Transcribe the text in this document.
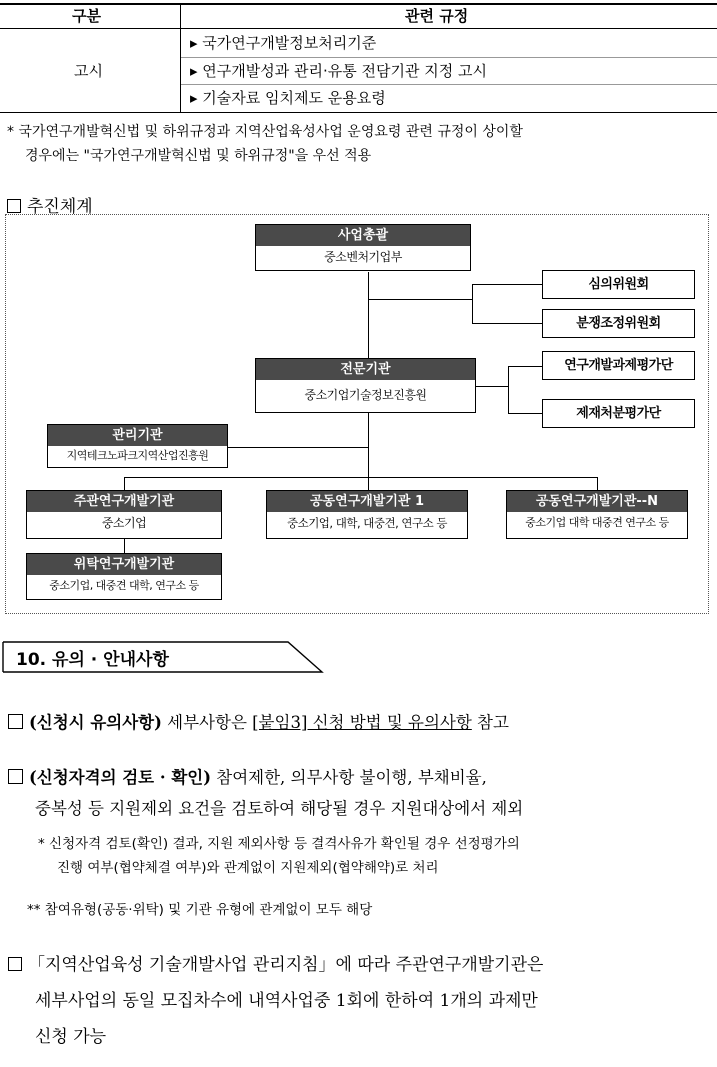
구분	관련 규정
고시
▸ 국가연구개발정보처리기준
▸ 연구개발성과 관리·유통 전담기관 지정 고시
▸ 기술자료 임치제도 운용요령
* 국가연구개발혁신법 및 하위규정과 지역산업육성사업 운영요령 관련 규정이 상이할
경우에는 "국가연구개발혁신법 및 하위규정"을 우선 적용
추진체계
사업총괄
중소벤처기업부
심의위원회
분쟁조정위원회
전문기관
중소기업기술정보진흥원
연구개발과제평가단
제재처분평가단
관리기관
지역테크노파크지역산업진흥원
주관연구개발기관
중소기업
공동연구개발기관 1
중소기업, 대학, 대중견, 연구소 등
공동연구개발기관--N
중소기업 대학 대중견 연구소 등
위탁연구개발기관
중소기업, 대중견 대학, 연구소 등
10. 유의 · 안내사항
(신청시 유의사항) 세부사항은 [붙임3] 신청 방법 및 유의사항 참고
(신청자격의 검토 · 확인) 참여제한, 의무사항 불이행, 부채비율,
중복성 등 지원제외 요건을 검토하여 해당될 경우 지원대상에서 제외
* 신청자격 검토(확인) 결과, 지원 제외사항 등 결격사유가 확인될 경우 선정평가의
진행 여부(협약체결 여부)와 관계없이 지원제외(협약해약)로 처리
** 참여유형(공동·위탁) 및 기관 유형에 관계없이 모두 해당
「지역산업육성 기술개발사업 관리지침」에 따라 주관연구개발기관은
세부사업의 동일 모집차수에 내역사업중 1회에 한하여 1개의 과제만
신청 가능
